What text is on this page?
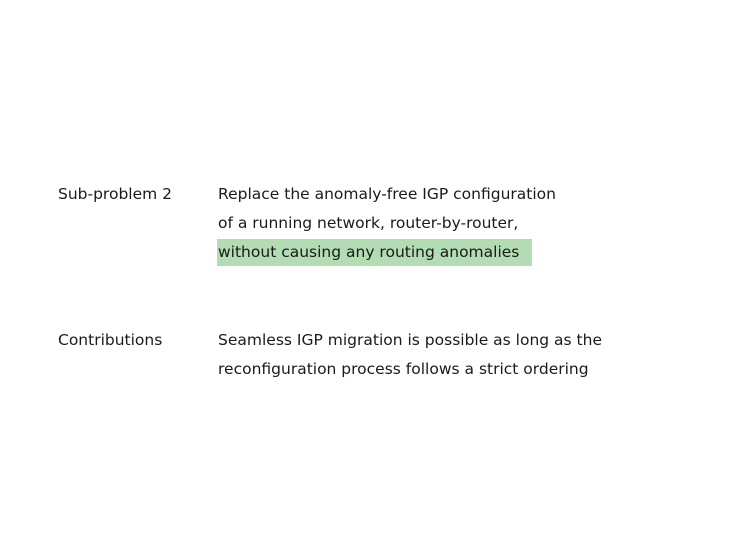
Sub-problem 2	Replace the anomaly-free IGP configuration
of a running network, router-by-router,
without causing any routing anomalies
Contributions	Seamless IGP migration is possible as long as the
reconfiguration process follows a strict ordering
